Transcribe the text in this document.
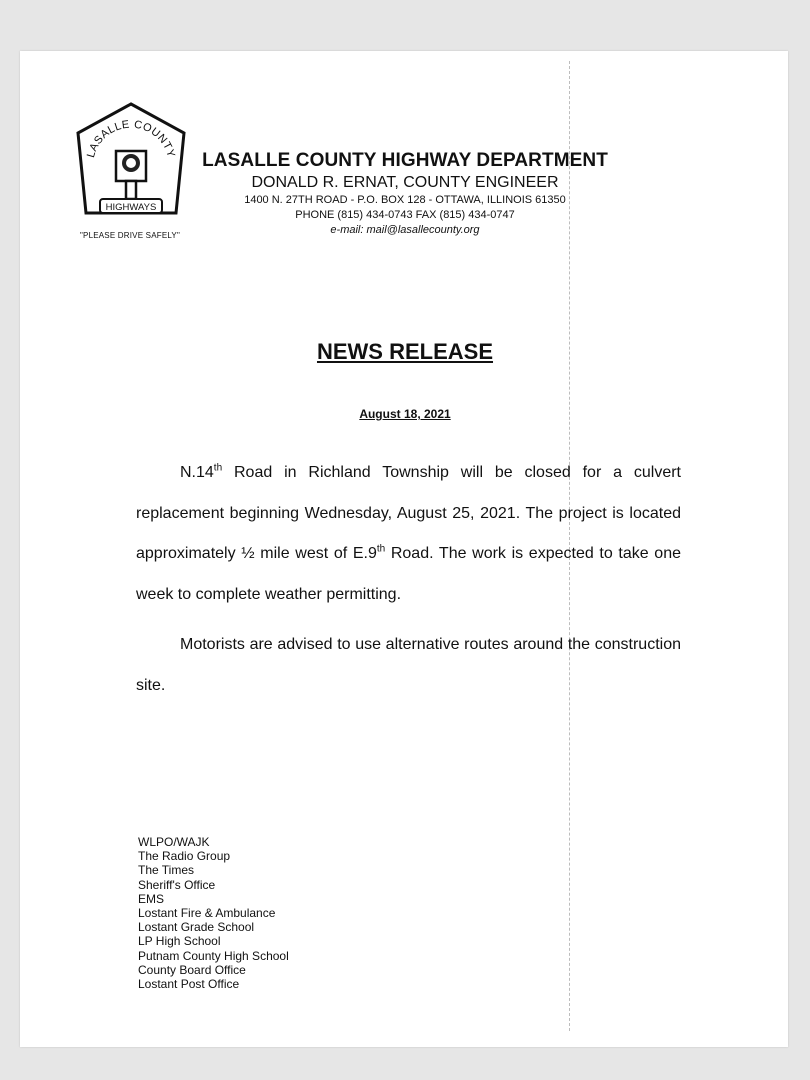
LASALLE COUNTY
HIGHWAYS
"PLEASE DRIVE SAFELY"
LASALLE COUNTY HIGHWAY DEPARTMENT
DONALD R. ERNAT, COUNTY ENGINEER
1400 N. 27TH ROAD - P.O. BOX 128 - OTTAWA, ILLINOIS 61350
PHONE (815) 434-0743 FAX (815) 434-0747
e-mail: mail@lasallecounty.org
NEWS RELEASE
August 18, 2021
N.14th Road in Richland Township will be closed for a culvert replacement beginning Wednesday, August 25, 2021. The project is located approximately ½ mile west of E.9th Road. The work is expected to take one week to complete weather permitting.
Motorists are advised to use alternative routes around the construction site.
WLPO/WAJK
The Radio Group
The Times
Sheriff's Office
EMS
Lostant Fire & Ambulance
Lostant Grade School
LP High School
Putnam County High School
County Board Office
Lostant Post Office
